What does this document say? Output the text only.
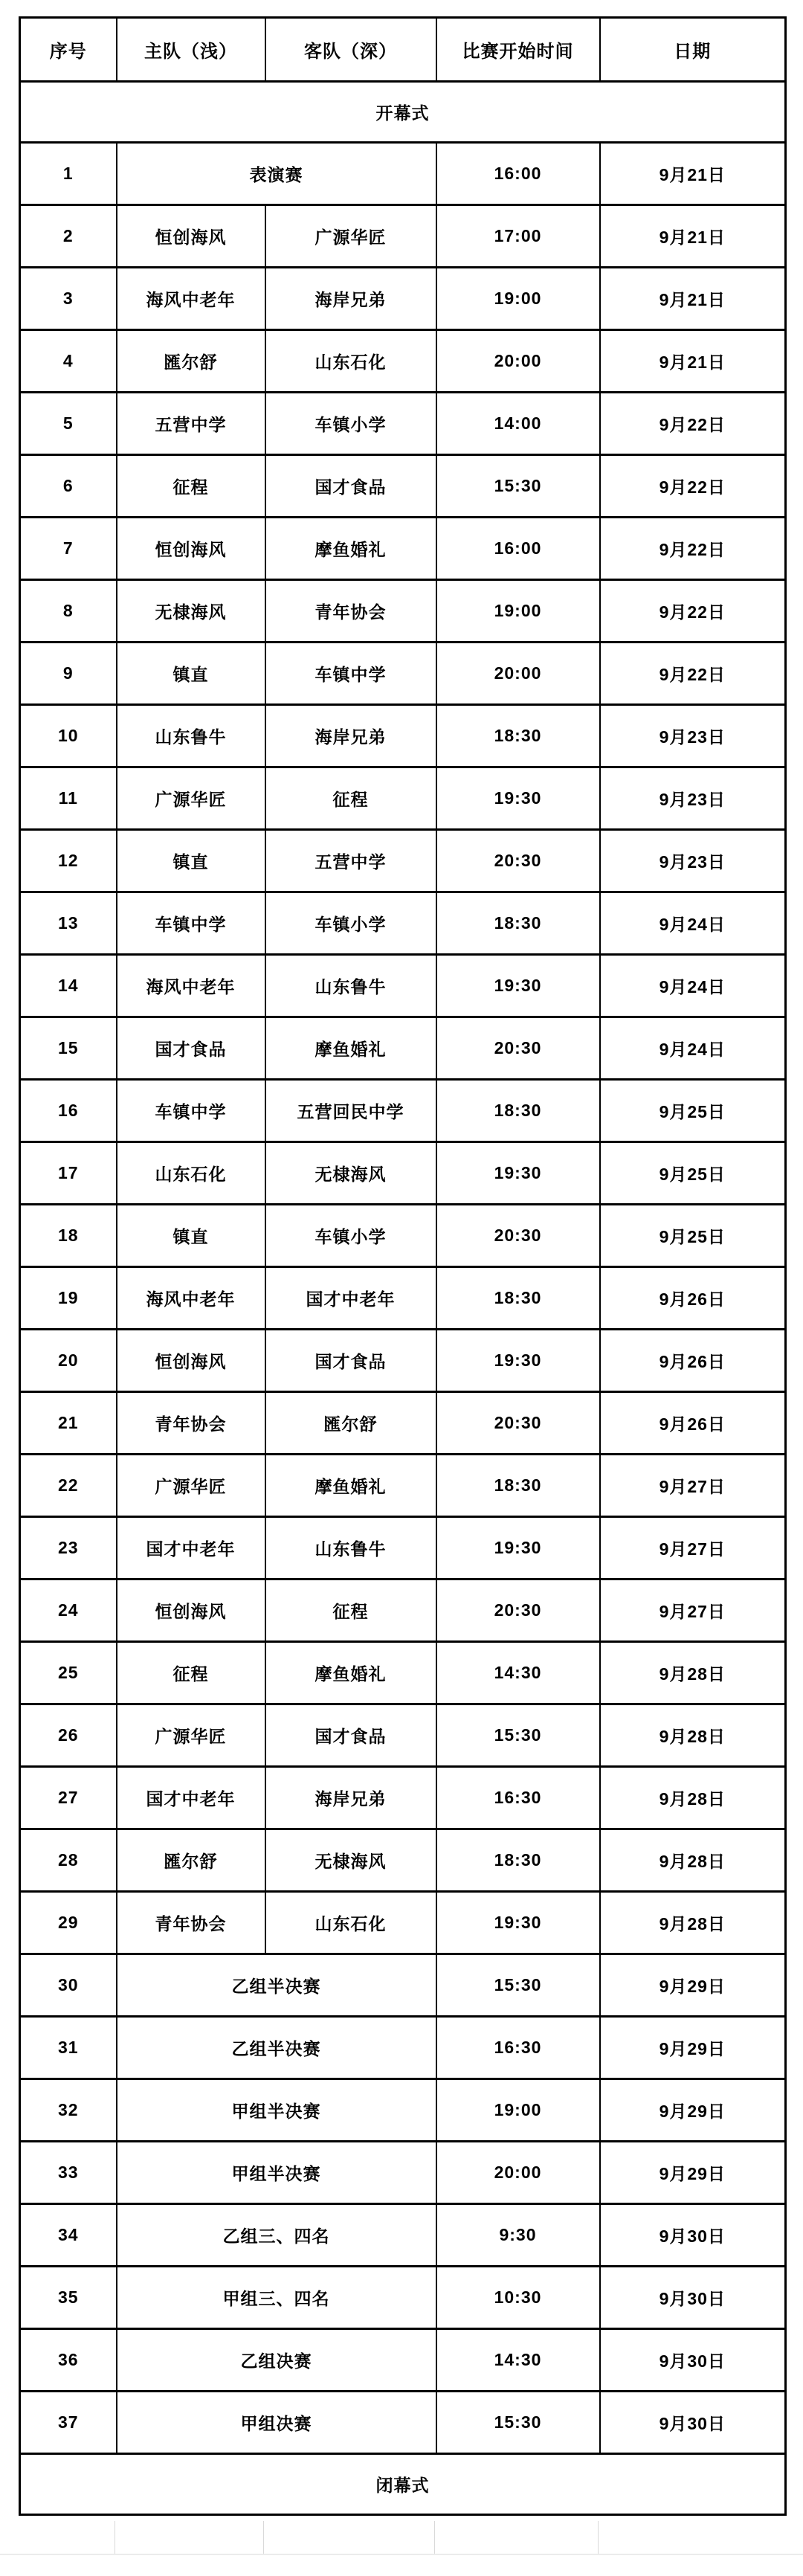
序号	主队（浅）	客队（深）	比赛开始时间	日期
开幕式				
1	表演赛		16:00	9月21日
2	恒创海风	广源华匠	17:00	9月21日
3	海风中老年	海岸兄弟	19:00	9月21日
4	匯尔舒	山东石化	20:00	9月21日
5	五营中学	车镇小学	14:00	9月22日
6	征程	国才食品	15:30	9月22日
7	恒创海风	摩鱼婚礼	16:00	9月22日
8	无棣海风	青年协会	19:00	9月22日
9	镇直	车镇中学	20:00	9月22日
10	山东鲁牛	海岸兄弟	18:30	9月23日
11	广源华匠	征程	19:30	9月23日
12	镇直	五营中学	20:30	9月23日
13	车镇中学	车镇小学	18:30	9月24日
14	海风中老年	山东鲁牛	19:30	9月24日
15	国才食品	摩鱼婚礼	20:30	9月24日
16	车镇中学	五营回民中学	18:30	9月25日
17	山东石化	无棣海风	19:30	9月25日
18	镇直	车镇小学	20:30	9月25日
19	海风中老年	国才中老年	18:30	9月26日
20	恒创海风	国才食品	19:30	9月26日
21	青年协会	匯尔舒	20:30	9月26日
22	广源华匠	摩鱼婚礼	18:30	9月27日
23	国才中老年	山东鲁牛	19:30	9月27日
24	恒创海风	征程	20:30	9月27日
25	征程	摩鱼婚礼	14:30	9月28日
26	广源华匠	国才食品	15:30	9月28日
27	国才中老年	海岸兄弟	16:30	9月28日
28	匯尔舒	无棣海风	18:30	9月28日
29	青年协会	山东石化	19:30	9月28日
30	乙组半决赛		15:30	9月29日
31	乙组半决赛		16:30	9月29日
32	甲组半决赛		19:00	9月29日
33	甲组半决赛		20:00	9月29日
34	乙组三、四名		9:30	9月30日
35	甲组三、四名		10:30	9月30日
36	乙组决赛		14:30	9月30日
37	甲组决赛		15:30	9月30日
闭幕式				
